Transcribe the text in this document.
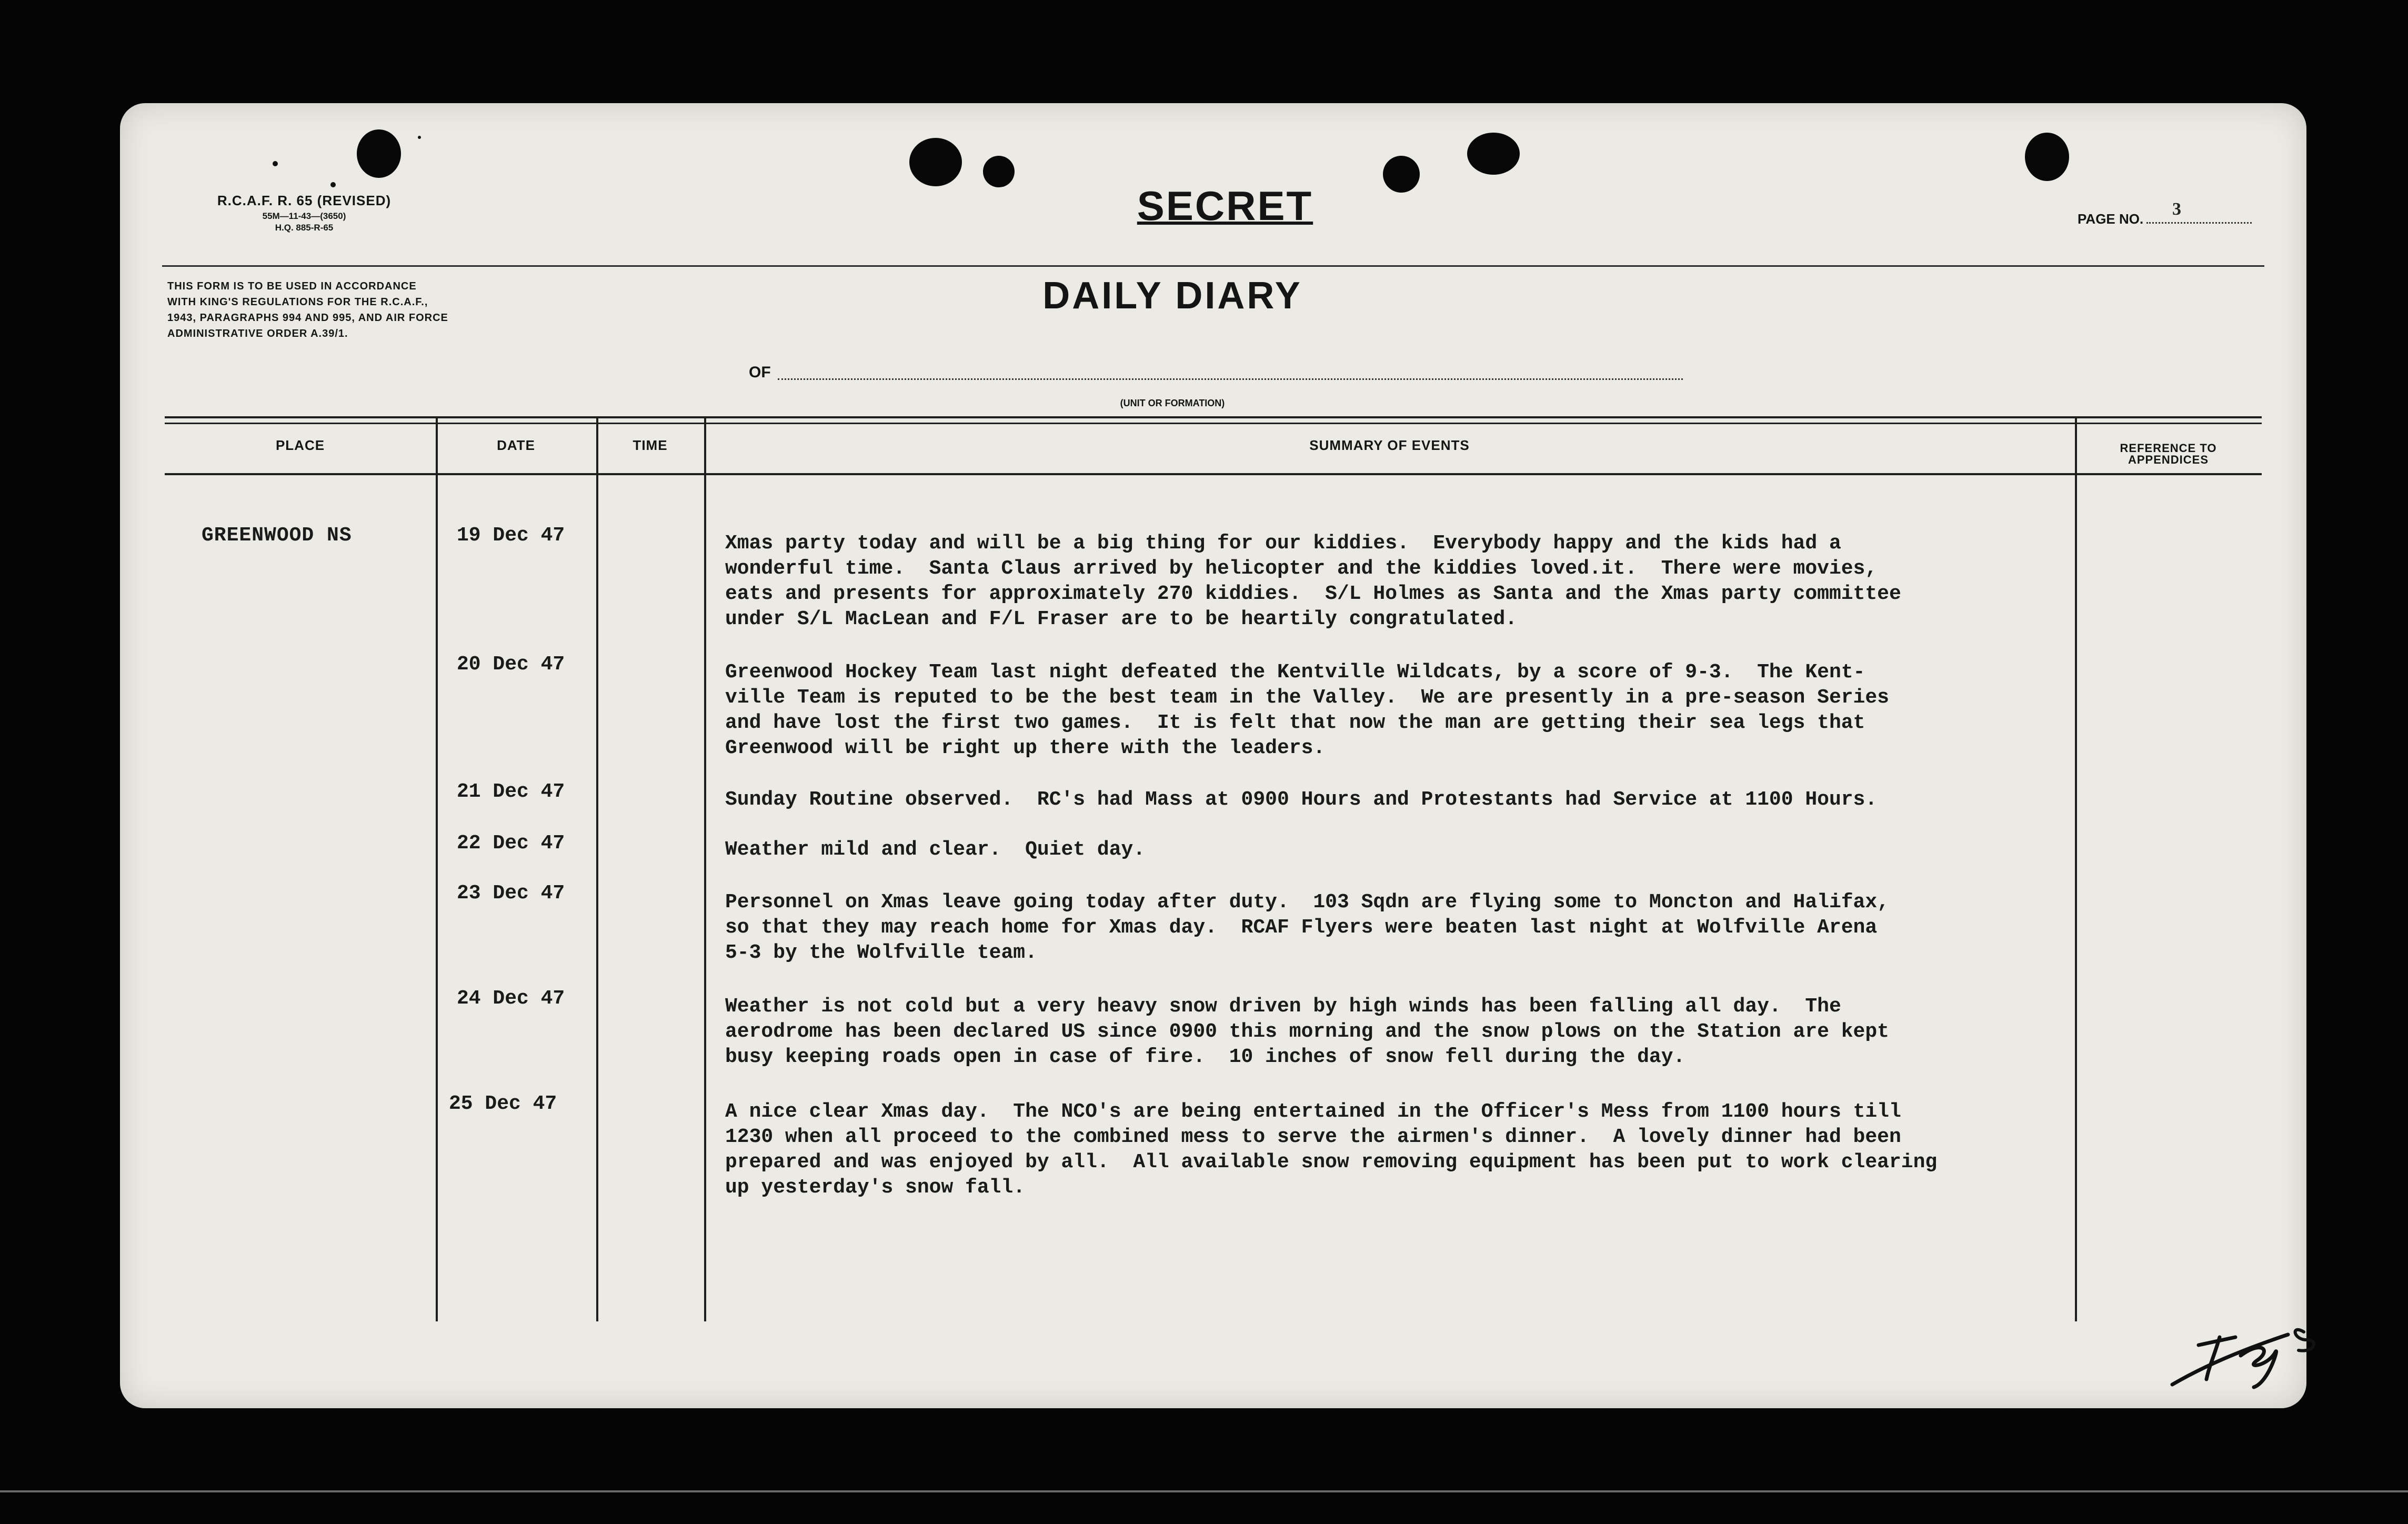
R.C.A.F. R. 65 (REVISED)
55M—11-43—(3650)
H.Q. 885-R-65	SECRET	3
PAGE NO.
THIS FORM IS TO BE USED IN ACCORDANCE
WITH KING'S REGULATIONS FOR THE R.C.A.F.,
1943, PARAGRAPHS 994 AND 995, AND AIR FORCE
ADMINISTRATIVE ORDER A.39/1.
DAILY DIARY
OF
(UNIT OR FORMATION)
PLACE	DATE	TIME	SUMMARY OF EVENTS	REFERENCE TO
APPENDICES
GREENWOOD NS	19 Dec 47	Xmas party today and will be a big thing for our kiddies.  Everybody happy and the kids had a
wonderful time.  Santa Claus arrived by helicopter and the kiddies loved.it.  There were movies,
eats and presents for approximately 270 kiddies.  S/L Holmes as Santa and the Xmas party committee
under S/L MacLean and F/L Fraser are to be heartily congratulated.
20 Dec 47	Greenwood Hockey Team last night defeated the Kentville Wildcats, by a score of 9-3.  The Kent-
ville Team is reputed to be the best team in the Valley.  We are presently in a pre-season Series
and have lost the first two games.  It is felt that now the man are getting their sea legs that
Greenwood will be right up there with the leaders.
21 Dec 47	Sunday Routine observed.  RC's had Mass at 0900 Hours and Protestants had Service at 1100 Hours.
22 Dec 47	Weather mild and clear.  Quiet day.
23 Dec 47	Personnel on Xmas leave going today after duty.  103 Sqdn are flying some to Moncton and Halifax,
so that they may reach home for Xmas day.  RCAF Flyers were beaten last night at Wolfville Arena
5-3 by the Wolfville team.
24 Dec 47	Weather is not cold but a very heavy snow driven by high winds has been falling all day.  The
aerodrome has been declared US since 0900 this morning and the snow plows on the Station are kept
busy keeping roads open in case of fire.  10 inches of snow fell during the day.
25 Dec 47	A nice clear Xmas day.  The NCO's are being entertained in the Officer's Mess from 1100 hours till
1230 when all proceed to the combined mess to serve the airmen's dinner.  A lovely dinner had been
prepared and was enjoyed by all.  All available snow removing equipment has been put to work clearing
up yesterday's snow fall.
